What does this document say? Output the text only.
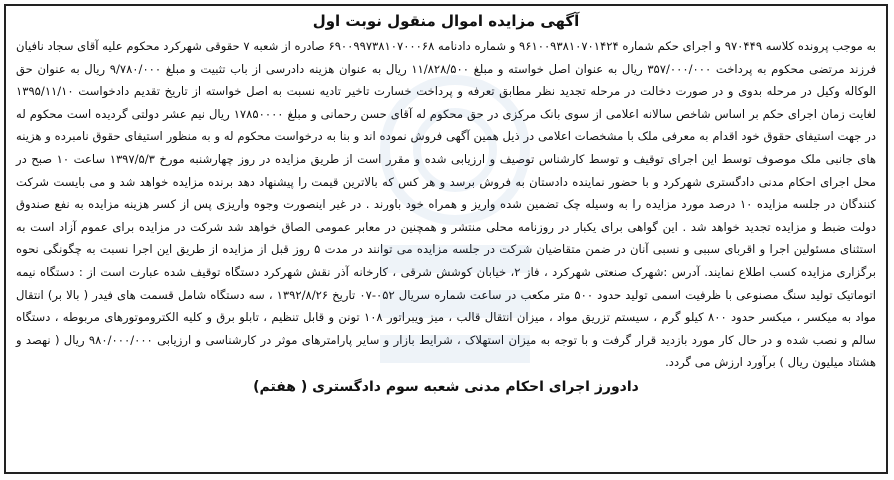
آگهی مزایده اموال منقول نوبت اول

به موجب پرونده کلاسه ۹۷۰۴۴۹ و اجرای حکم شماره ۹۶۱۰۰۹۳۸۱۰۷۰۱۴۲۴ و شماره دادنامه ۶۹۰۰۹۹۷۳۸۱۰۷۰۰۰۶۸ صادره از شعبه ۷ حقوقی شهرکرد محکوم علیه آقای سجاد نافیان فرزند مرتضی محکوم به پرداخت ۳۵۷/۰۰۰/۰۰۰ ریال به عنوان اصل خواسته و مبلغ ۱۱/۸۲۸/۵۰۰ ریال به عنوان هزینه دادرسی از باب تثبیت و مبلغ ۹/۷۸۰/۰۰۰ ریال به عنوان حق الوکاله وکیل در مرحله بدوی و در صورت دخالت در مرحله تجدید نظر مطابق تعرفه و پرداخت خسارت تاخیر تادیه نسبت به اصل خواسته از تاریخ تقدیم دادخواست ۱۳۹۵/۱۱/۱۰ لغایت زمان اجرای حکم بر اساس شاخص سالانه اعلامی از سوی بانک مرکزی در حق محکوم له آقای حسن رحمانی و مبلغ ۱۷۸۵۰۰۰۰ ریال نیم عشر دولتی گردیده است محکوم له در جهت استیفای حقوق خود اقدام به معرفی ملک با مشخصات اعلامی در ذیل همین آگهی فروش نموده اند و بنا به درخواست محکوم له و به منظور استیفای حقوق نامبرده و هزینه های جانبی ملک موصوف توسط این اجرای توقیف و توسط کارشناس توصیف و ارزیابی شده و مقرر است از طریق مزایده در روز چهارشنبه مورخ ۱۳۹۷/۵/۳ ساعت ۱۰ صبح در محل اجرای احکام مدنی دادگستری شهرکرد و با حضور نماینده دادستان به فروش برسد و هر کس که بالاترین قیمت را پیشنهاد دهد برنده مزایده خواهد شد و می بایست شرکت کنندگان در جلسه مزایده ۱۰ درصد مورد مزایده را به وسیله چک تضمین شده واریز و همراه خود باورند . در غیر اینصورت وجوه واریزی پس از کسر هزینه مزایده به نفع صندوق دولت ضبط و مزایده تجدید خواهد شد . این گواهی برای یکبار در روزنامه محلی منتشر و همچنین در معابر عمومی الصاق خواهد شد شرکت در مزایده برای عموم آزاد است به استثنای مسئولین اجرا و اقربای سببی و نسبی آنان در ضمن متقاضیان شرکت در جلسه مزایده می توانند در مدت ۵ روز قبل از مزایده از طریق این اجرا نسبت به چگونگی نحوه برگزاری مزایده کسب اطلاع نمایند. آدرس :شهرک صنعتی شهرکرد ، فاز ۲، خیابان کوشش شرقی ، کارخانه آذر نقش شهرکرد دستگاه توقیف شده عبارت است از : دستگاه نیمه اتوماتیک تولید سنگ مصنوعی با ظرفیت اسمی تولید حدود ۵۰۰ متر مکعب در ساعت شماره سریال ۰۵۲-۰۷ تاریخ ۱۳۹۲/۸/۲۶ ، سه دستگاه شامل قسمت های فیدر ( بالا بر) انتقال مواد به میکسر ، میکسر حدود ۸۰۰ کیلو گرم ، سیستم تزریق مواد ، میزان انتقال قالب ، میز ویبراتور ۱۰۸ تونن و قابل تنظیم ، تابلو برق و کلیه الکتروموتورهای مربوطه ، دستگاه سالم و نصب شده و در حال کار مورد بازدید قرار گرفت و با توجه به میزان استهلاک ، شرایط بازار و سایر پارامترهای موثر در کارشناسی و ارزیابی ۹۸۰/۰۰۰/۰۰۰ ریال ( نهصد و هشتاد میلیون ریال ) برآورد ارزش می گردد.

دادورز اجرای احکام مدنی شعبه سوم دادگستری ( هفتم)
